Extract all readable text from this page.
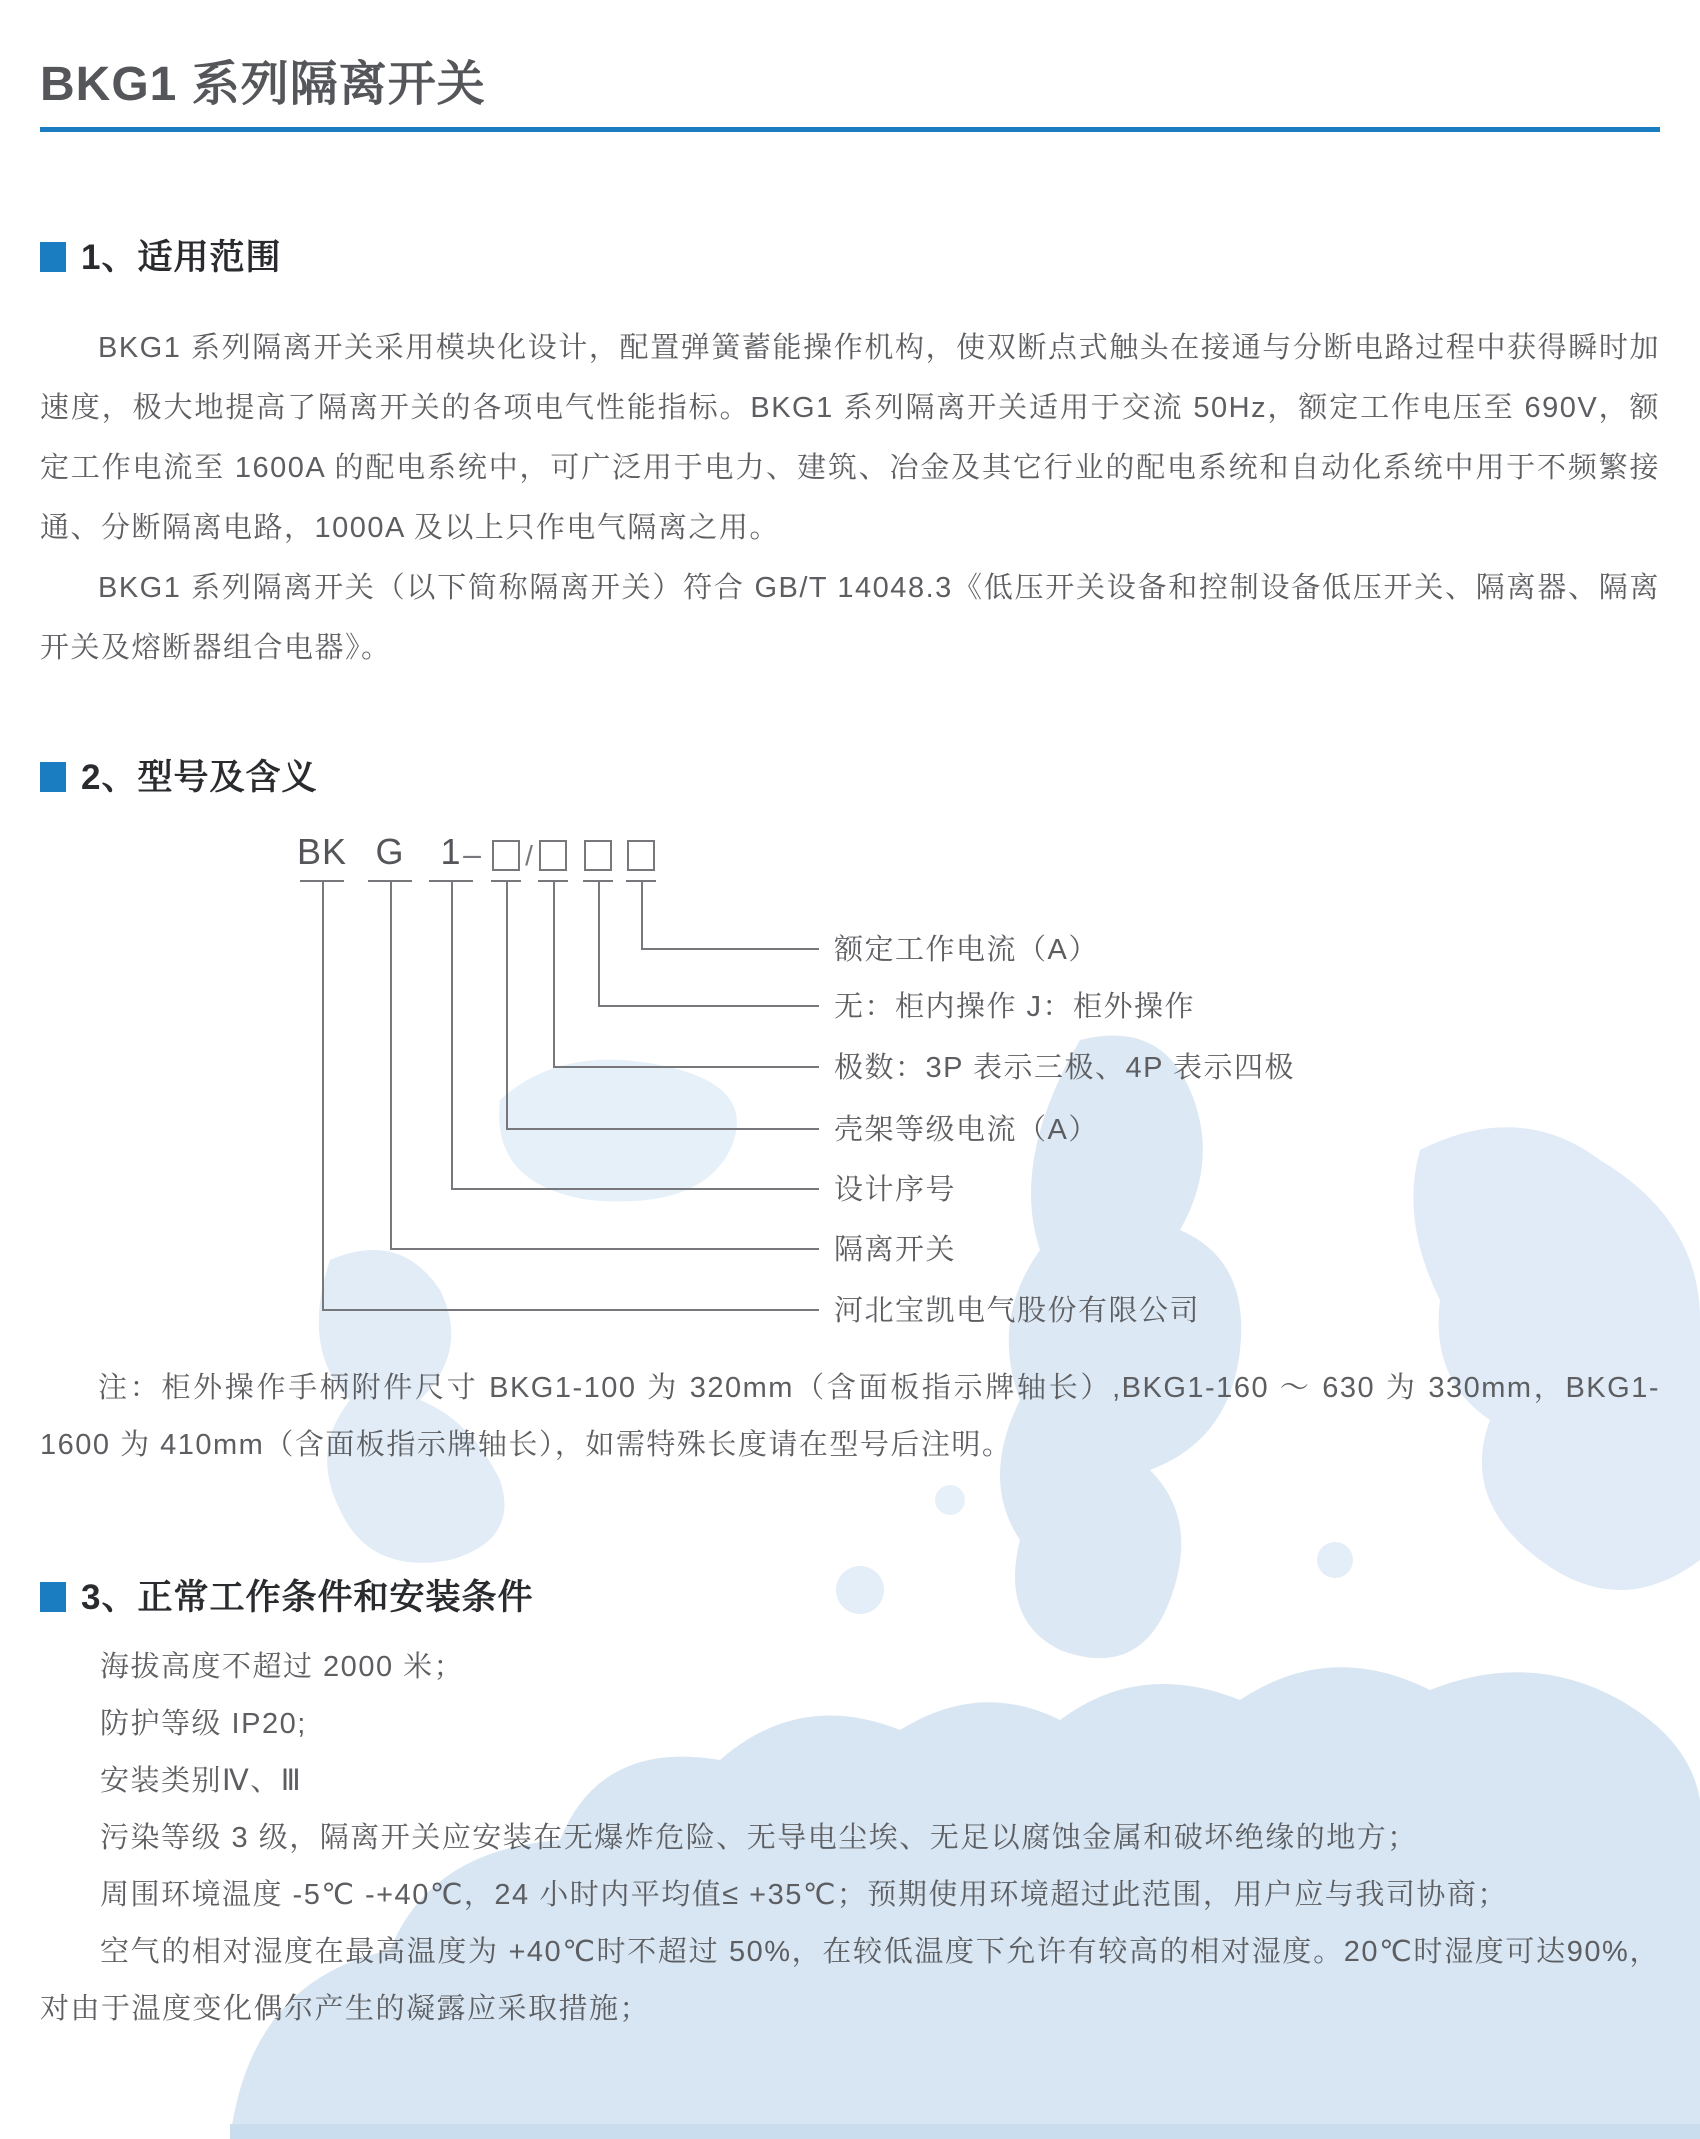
BKG1 系列隔离开关
1、适用范围

BKG1 系列隔离开关采用模块化设计，配置弹簧蓄能操作机构，使双断点式触头在接通与分断电路过程中获得瞬时加速度，极大地提高了隔离开关的各项电气性能指标。BKG1 系列隔离开关适用于交流 50Hz，额定工作电压至 690V，额定工作电流至 1600A 的配电系统中，可广泛用于电力、建筑、冶金及其它行业的配电系统和自动化系统中用于不频繁接通、分断隔离电路，1000A 及以上只作电气隔离之用。

BKG1 系列隔离开关（以下简称隔离开关）符合 GB/T 14048.3《低压开关设备和控制设备低压开关、隔离器、隔离开关及熔断器组合电器》。

2、型号及含义
BK G 1 – /
额定工作电流（A）
无：柜内操作 J：柜外操作
极数：3P 表示三极、4P 表示四极
壳架等级电流（A）
设计序号
隔离开关
河北宝凯电气股份有限公司

注：柜外操作手柄附件尺寸 BKG1-100 为 320mm（含面板指示牌轴长）,BKG1-160 ～ 630 为 330mm，BKG1-1600 为 410mm（含面板指示牌轴长），如需特殊长度请在型号后注明。

3、正常工作条件和安装条件
海拔高度不超过 2000 米；
防护等级 IP20;
安装类别Ⅳ、Ⅲ
污染等级 3 级，隔离开关应安装在无爆炸危险、无导电尘埃、无足以腐蚀金属和破坏绝缘的地方；
周围环境温度 -5℃ -+40℃，24 小时内平均值≤ +35℃；预期使用环境超过此范围，用户应与我司协商；

空气的相对湿度在最高温度为 +40℃时不超过 50%，在较低温度下允许有较高的相对湿度。20℃时湿度可达90%，对由于温度变化偶尔产生的凝露应采取措施；
